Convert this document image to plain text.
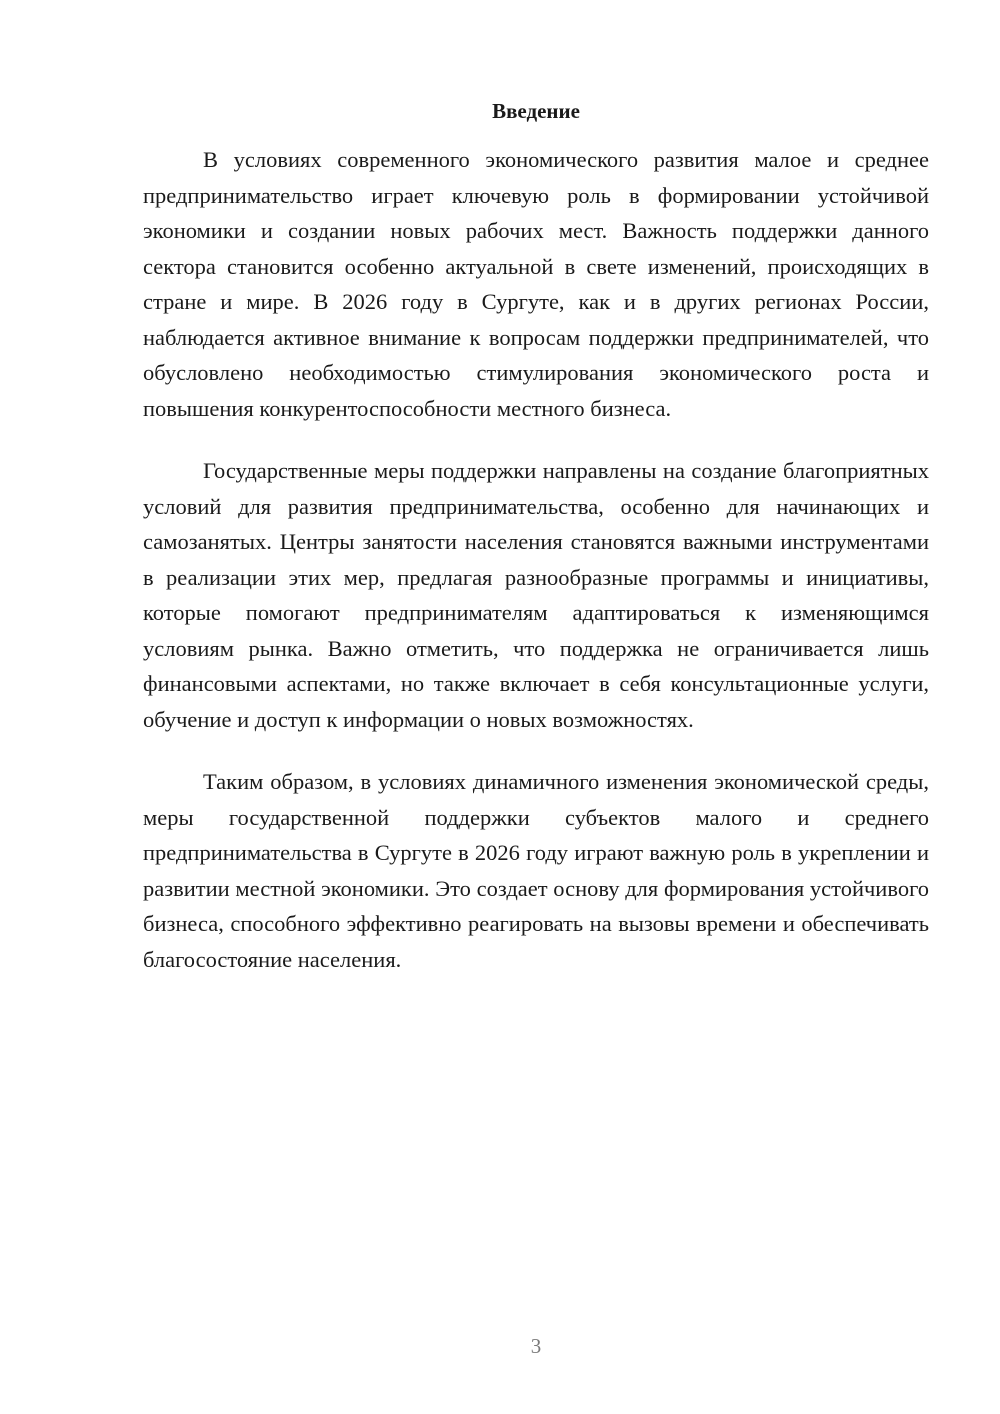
Введение

В условиях современного экономического развития малое и среднее предпринимательство играет ключевую роль в формировании устойчивой экономики и создании новых рабочих мест. Важность поддержки данного сектора становится особенно актуальной в свете изменений, происходящих в стране и мире. В 2026 году в Сургуте, как и в других регионах России, наблюдается активное внимание к вопросам поддержки предпринимателей, что обусловлено необходимостью стимулирования экономического роста и повышения конкурентоспособности местного бизнеса.

Государственные меры поддержки направлены на создание благоприятных условий для развития предпринимательства, особенно для начинающих и самозанятых. Центры занятости населения становятся важными инструментами в реализации этих мер, предлагая разнообразные программы и инициативы, которые помогают предпринимателям адаптироваться к изменяющимся условиям рынка. Важно отметить, что поддержка не ограничивается лишь финансовыми аспектами, но также включает в себя консультационные услуги, обучение и доступ к информации о новых возможностях.

Таким образом, в условиях динамичного изменения экономической среды, меры государственной поддержки субъектов малого и среднего предпринимательства в Сургуте в 2026 году играют важную роль в укреплении и развитии местной экономики. Это создает основу для формирования устойчивого бизнеса, способного эффективно реагировать на вызовы времени и обеспечивать благосостояние населения.

3
